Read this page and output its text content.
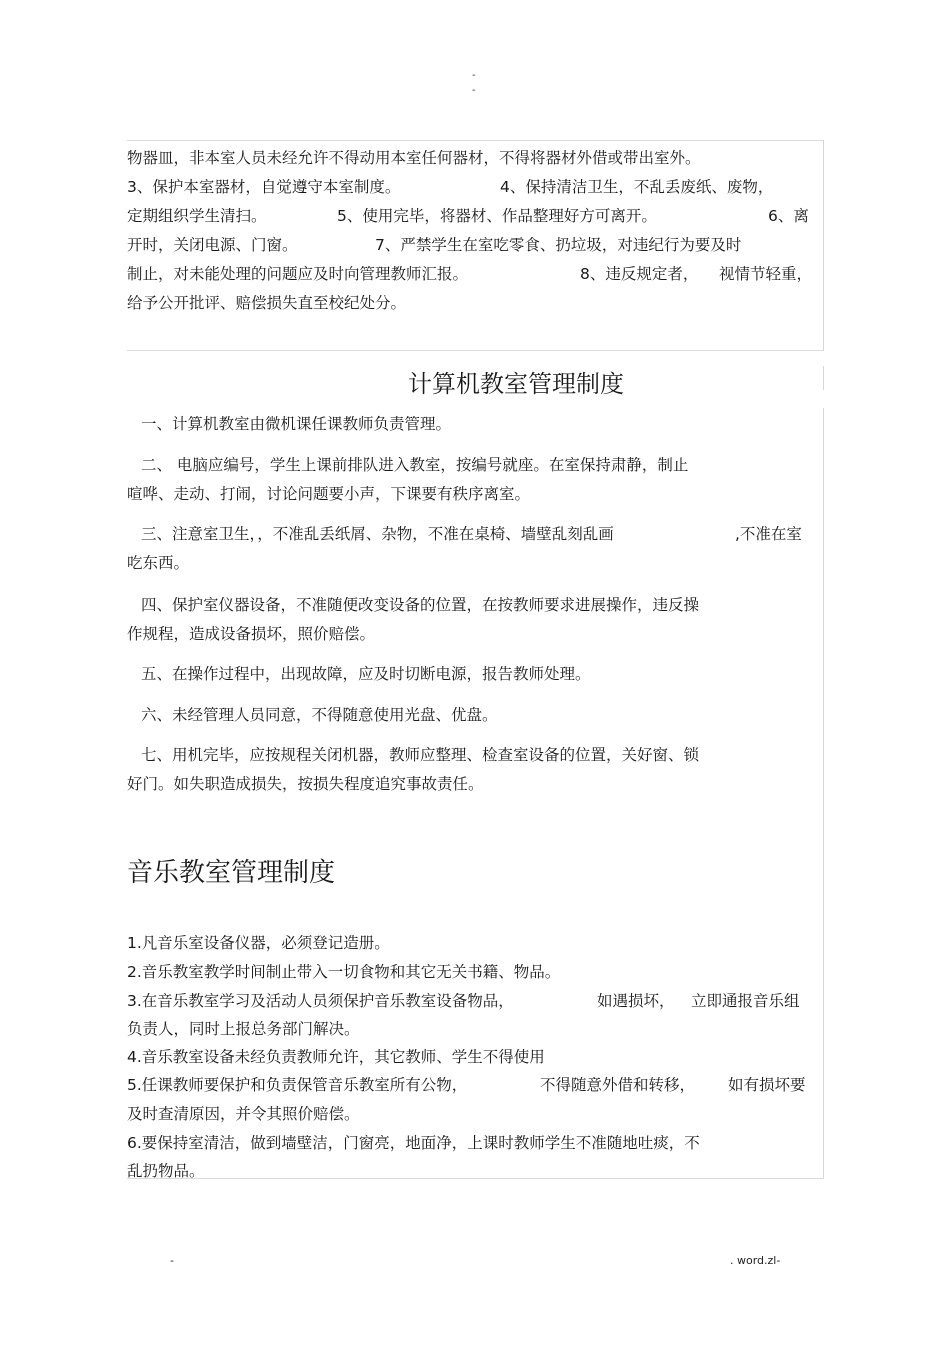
-
-
物器皿，非本室人员未经允许不得动用本室任何器材，不得将器材外借或带出室外。
3、保护本室器材，自觉遵守本室制度。	4、保持清洁卫生，不乱丢废纸、废物，
定期组织学生清扫。	5、使用完毕，将器材、作品整理好方可离开。	6、离
开时，关闭电源、门窗。	7、严禁学生在室吃零食、扔垃圾，对违纪行为要及时
制止，对未能处理的问题应及时向管理教师汇报。	8、违反规定者， 视情节轻重，
给予公开批评、赔偿损失直至校纪处分。
计算机教室管理制度
一、计算机教室由微机课任课教师负责管理。
二、 电脑应编号，学生上课前排队进入教室，按编号就座。在室保持肃静，制止
喧哗、走动、打闹，讨论问题要小声，下课要有秩序离室。
三、注意室卫生，，不准乱丢纸屑、杂物，不准在桌椅、墙壁乱刻乱画	,不准在室
吃东西。
四、保护室仪器设备，不准随便改变设备的位置，在按教师要求进展操作，违反操
作规程，造成设备损坏，照价赔偿。
五、在操作过程中，出现故障，应及时切断电源，报告教师处理。
六、未经管理人员同意，不得随意使用光盘、优盘。
七、用机完毕，应按规程关闭机器，教师应整理、检查室设备的位置，关好窗、锁
好门。如失职造成损失，按损失程度追究事故责任。
音乐教室管理制度
1.凡音乐室设备仪器，必须登记造册。
2.音乐教室教学时间制止带入一切食物和其它无关书籍、物品。
3.在音乐教室学习及活动人员须保护音乐教室设备物品，	如遇损坏， 立即通报音乐组
负责人，同时上报总务部门解决。
4.音乐教室设备未经负责教师允许，其它教师、学生不得使用
5.任课教师要保护和负责保管音乐教室所有公物，	不得随意外借和转移， 如有损坏要
及时查清原因，并令其照价赔偿。
6.要保持室清洁，做到墙壁洁，门窗亮，地面净，上课时教师学生不准随地吐痰，不
乱扔物品。
-	. word.zl-
